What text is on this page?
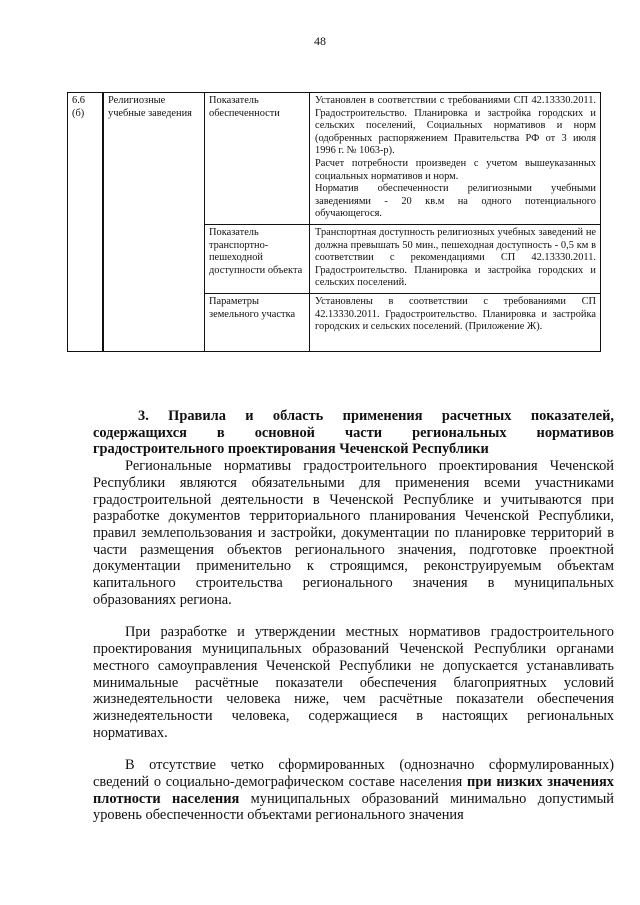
48
6.6 (б)	Религиозные учебные заведения	Показатель обеспеченности	Установлен в соответствии с требованиями СП 42.13330.2011. Градостроительство. Планировка и застройка городских и сельских поселений, Социальных нормативов и норм (одобренных распоряжением Правительства РФ от 3 июля 1996 г. № 1063-р).
Расчет потребности произведен с учетом вышеуказанных социальных нормативов и норм.
Норматив обеспеченности религиозными учебными заведениями - 20 кв.м на одного потенциального обучающегося.

		Показатель транспортно-пешеходной доступности объекта	Транспортная доступность религиозных учебных заведений не должна превышать 50 мин., пешеходная доступность - 0,5 км в соответствии с рекомендациями СП 42.13330.2011. Градостроительство. Планировка и застройка городских и сельских поселений.

		Параметры земельного участка	Установлены в соответствии с требованиями СП 42.13330.2011. Градостроительство. Планировка и застройка городских и сельских поселений. (Приложение Ж).

3. Правила и область применения расчетных показателей, содержащихся в основной части региональных нормативов градостроительного проектирования Чеченской Республики

Региональные нормативы градостроительного проектирования Чеченской Республики являются обязательными для применения всеми участниками градостроительной деятельности в Чеченской Республике и учитываются при разработке документов территориального планирования Чеченской Республики, правил землепользования и застройки, документации по планировке территорий в части размещения объектов регионального значения, подготовке проектной документации применительно к строящимся, реконструируемым объектам капитального строительства регионального значения в муниципальных образованиях региона.

При разработке и утверждении местных нормативов градостроительного проектирования муниципальных образований Чеченской Республики органами местного самоуправления Чеченской Республики не допускается устанавливать минимальные расчётные показатели обеспечения благоприятных условий жизнедеятельности человека ниже, чем расчётные показатели обеспечения жизнедеятельности человека, содержащиеся в настоящих региональных нормативах.

В отсутствие четко сформированных (однозначно сформулированных) сведений о социально-демографическом составе населения при низких значениях плотности населения муниципальных образований минимально допустимый уровень обеспеченности объектами регионального значения
